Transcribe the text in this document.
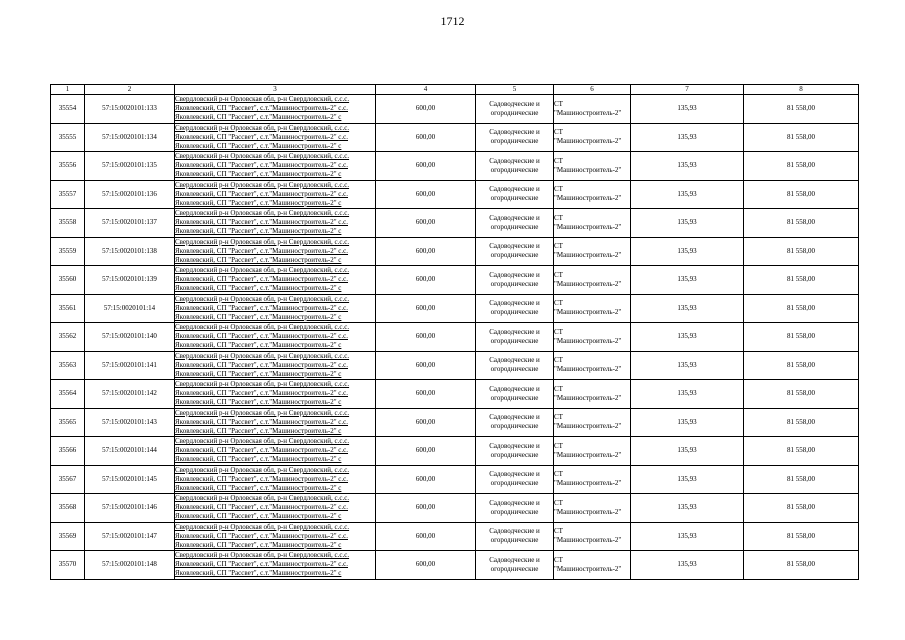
1712
1	2	3	4	5	6	7	8
35554	57:15:0020101:133	Свердловский р-н Орловская обл, р-н Свердловский, с.с.с.
Яковлевский, СП "Рассвет", с.т."Машиностроитель-2" с.с.
Яковлевский, СП "Рассвет", с.т."Машиностроитель-2" с	600,00	Садоводческие и
огороднические	СТ
"Машиностроитель-2"	135,93	81 558,00
35555	57:15:0020101:134	Свердловский р-н Орловская обл, р-н Свердловский, с.с.с.
Яковлевский, СП "Рассвет", с.т."Машиностроитель-2" с.с.
Яковлевский, СП "Рассвет", с.т."Машиностроитель-2" с	600,00	Садоводческие и
огороднические	СТ
"Машиностроитель-2"	135,93	81 558,00
35556	57:15:0020101:135	Свердловский р-н Орловская обл, р-н Свердловский, с.с.с.
Яковлевский, СП "Рассвет", с.т."Машиностроитель-2" с.с.
Яковлевский, СП "Рассвет", с.т."Машиностроитель-2" с	600,00	Садоводческие и
огороднические	СТ
"Машиностроитель-2"	135,93	81 558,00
35557	57:15:0020101:136	Свердловский р-н Орловская обл, р-н Свердловский, с.с.с.
Яковлевский, СП "Рассвет", с.т."Машиностроитель-2" с.с.
Яковлевский, СП "Рассвет", с.т."Машиностроитель-2" с	600,00	Садоводческие и
огороднические	СТ
"Машиностроитель-2"	135,93	81 558,00
35558	57:15:0020101:137	Свердловский р-н Орловская обл, р-н Свердловский, с.с.с.
Яковлевский, СП "Рассвет", с.т."Машиностроитель-2" с.с.
Яковлевский, СП "Рассвет", с.т."Машиностроитель-2" с	600,00	Садоводческие и
огороднические	СТ
"Машиностроитель-2"	135,93	81 558,00
35559	57:15:0020101:138	Свердловский р-н Орловская обл, р-н Свердловский, с.с.с.
Яковлевский, СП "Рассвет", с.т."Машиностроитель-2" с.с.
Яковлевский, СП "Рассвет", с.т."Машиностроитель-2" с	600,00	Садоводческие и
огороднические	СТ
"Машиностроитель-2"	135,93	81 558,00
35560	57:15:0020101:139	Свердловский р-н Орловская обл, р-н Свердловский, с.с.с.
Яковлевский, СП "Рассвет", с.т."Машиностроитель-2" с.с.
Яковлевский, СП "Рассвет", с.т."Машиностроитель-2" с	600,00	Садоводческие и
огороднические	СТ
"Машиностроитель-2"	135,93	81 558,00
35561	57:15:0020101:14	Свердловский р-н Орловская обл, р-н Свердловский, с.с.с.
Яковлевский, СП "Рассвет", с.т."Машиностроитель-2" с.с.
Яковлевский, СП "Рассвет", с.т."Машиностроитель-2" с	600,00	Садоводческие и
огороднические	СТ
"Машиностроитель-2"	135,93	81 558,00
35562	57:15:0020101:140	Свердловский р-н Орловская обл, р-н Свердловский, с.с.с.
Яковлевский, СП "Рассвет", с.т."Машиностроитель-2" с.с.
Яковлевский, СП "Рассвет", с.т."Машиностроитель-2" с	600,00	Садоводческие и
огороднические	СТ
"Машиностроитель-2"	135,93	81 558,00
35563	57:15:0020101:141	Свердловский р-н Орловская обл, р-н Свердловский, с.с.с.
Яковлевский, СП "Рассвет", с.т."Машиностроитель-2" с.с.
Яковлевский, СП "Рассвет", с.т."Машиностроитель-2" с	600,00	Садоводческие и
огороднические	СТ
"Машиностроитель-2"	135,93	81 558,00
35564	57:15:0020101:142	Свердловский р-н Орловская обл, р-н Свердловский, с.с.с.
Яковлевский, СП "Рассвет", с.т."Машиностроитель-2" с.с.
Яковлевский, СП "Рассвет", с.т."Машиностроитель-2" с	600,00	Садоводческие и
огороднические	СТ
"Машиностроитель-2"	135,93	81 558,00
35565	57:15:0020101:143	Свердловский р-н Орловская обл, р-н Свердловский, с.с.с.
Яковлевский, СП "Рассвет", с.т."Машиностроитель-2" с.с.
Яковлевский, СП "Рассвет", с.т."Машиностроитель-2" с	600,00	Садоводческие и
огороднические	СТ
"Машиностроитель-2"	135,93	81 558,00
35566	57:15:0020101:144	Свердловский р-н Орловская обл, р-н Свердловский, с.с.с.
Яковлевский, СП "Рассвет", с.т."Машиностроитель-2" с.с.
Яковлевский, СП "Рассвет", с.т."Машиностроитель-2" с	600,00	Садоводческие и
огороднические	СТ
"Машиностроитель-2"	135,93	81 558,00
35567	57:15:0020101:145	Свердловский р-н Орловская обл, р-н Свердловский, с.с.с.
Яковлевский, СП "Рассвет", с.т."Машиностроитель-2" с.с.
Яковлевский, СП "Рассвет", с.т."Машиностроитель-2" с	600,00	Садоводческие и
огороднические	СТ
"Машиностроитель-2"	135,93	81 558,00
35568	57:15:0020101:146	Свердловский р-н Орловская обл, р-н Свердловский, с.с.с.
Яковлевский, СП "Рассвет", с.т."Машиностроитель-2" с.с.
Яковлевский, СП "Рассвет", с.т."Машиностроитель-2" с	600,00	Садоводческие и
огороднические	СТ
"Машиностроитель-2"	135,93	81 558,00
35569	57:15:0020101:147	Свердловский р-н Орловская обл, р-н Свердловский, с.с.с.
Яковлевский, СП "Рассвет", с.т."Машиностроитель-2" с.с.
Яковлевский, СП "Рассвет", с.т."Машиностроитель-2" с	600,00	Садоводческие и
огороднические	СТ
"Машиностроитель-2"	135,93	81 558,00
35570	57:15:0020101:148	Свердловский р-н Орловская обл, р-н Свердловский, с.с.с.
Яковлевский, СП "Рассвет", с.т."Машиностроитель-2" с.с.
Яковлевский, СП "Рассвет", с.т."Машиностроитель-2" с	600,00	Садоводческие и
огороднические	СТ
"Машиностроитель-2"	135,93	81 558,00
